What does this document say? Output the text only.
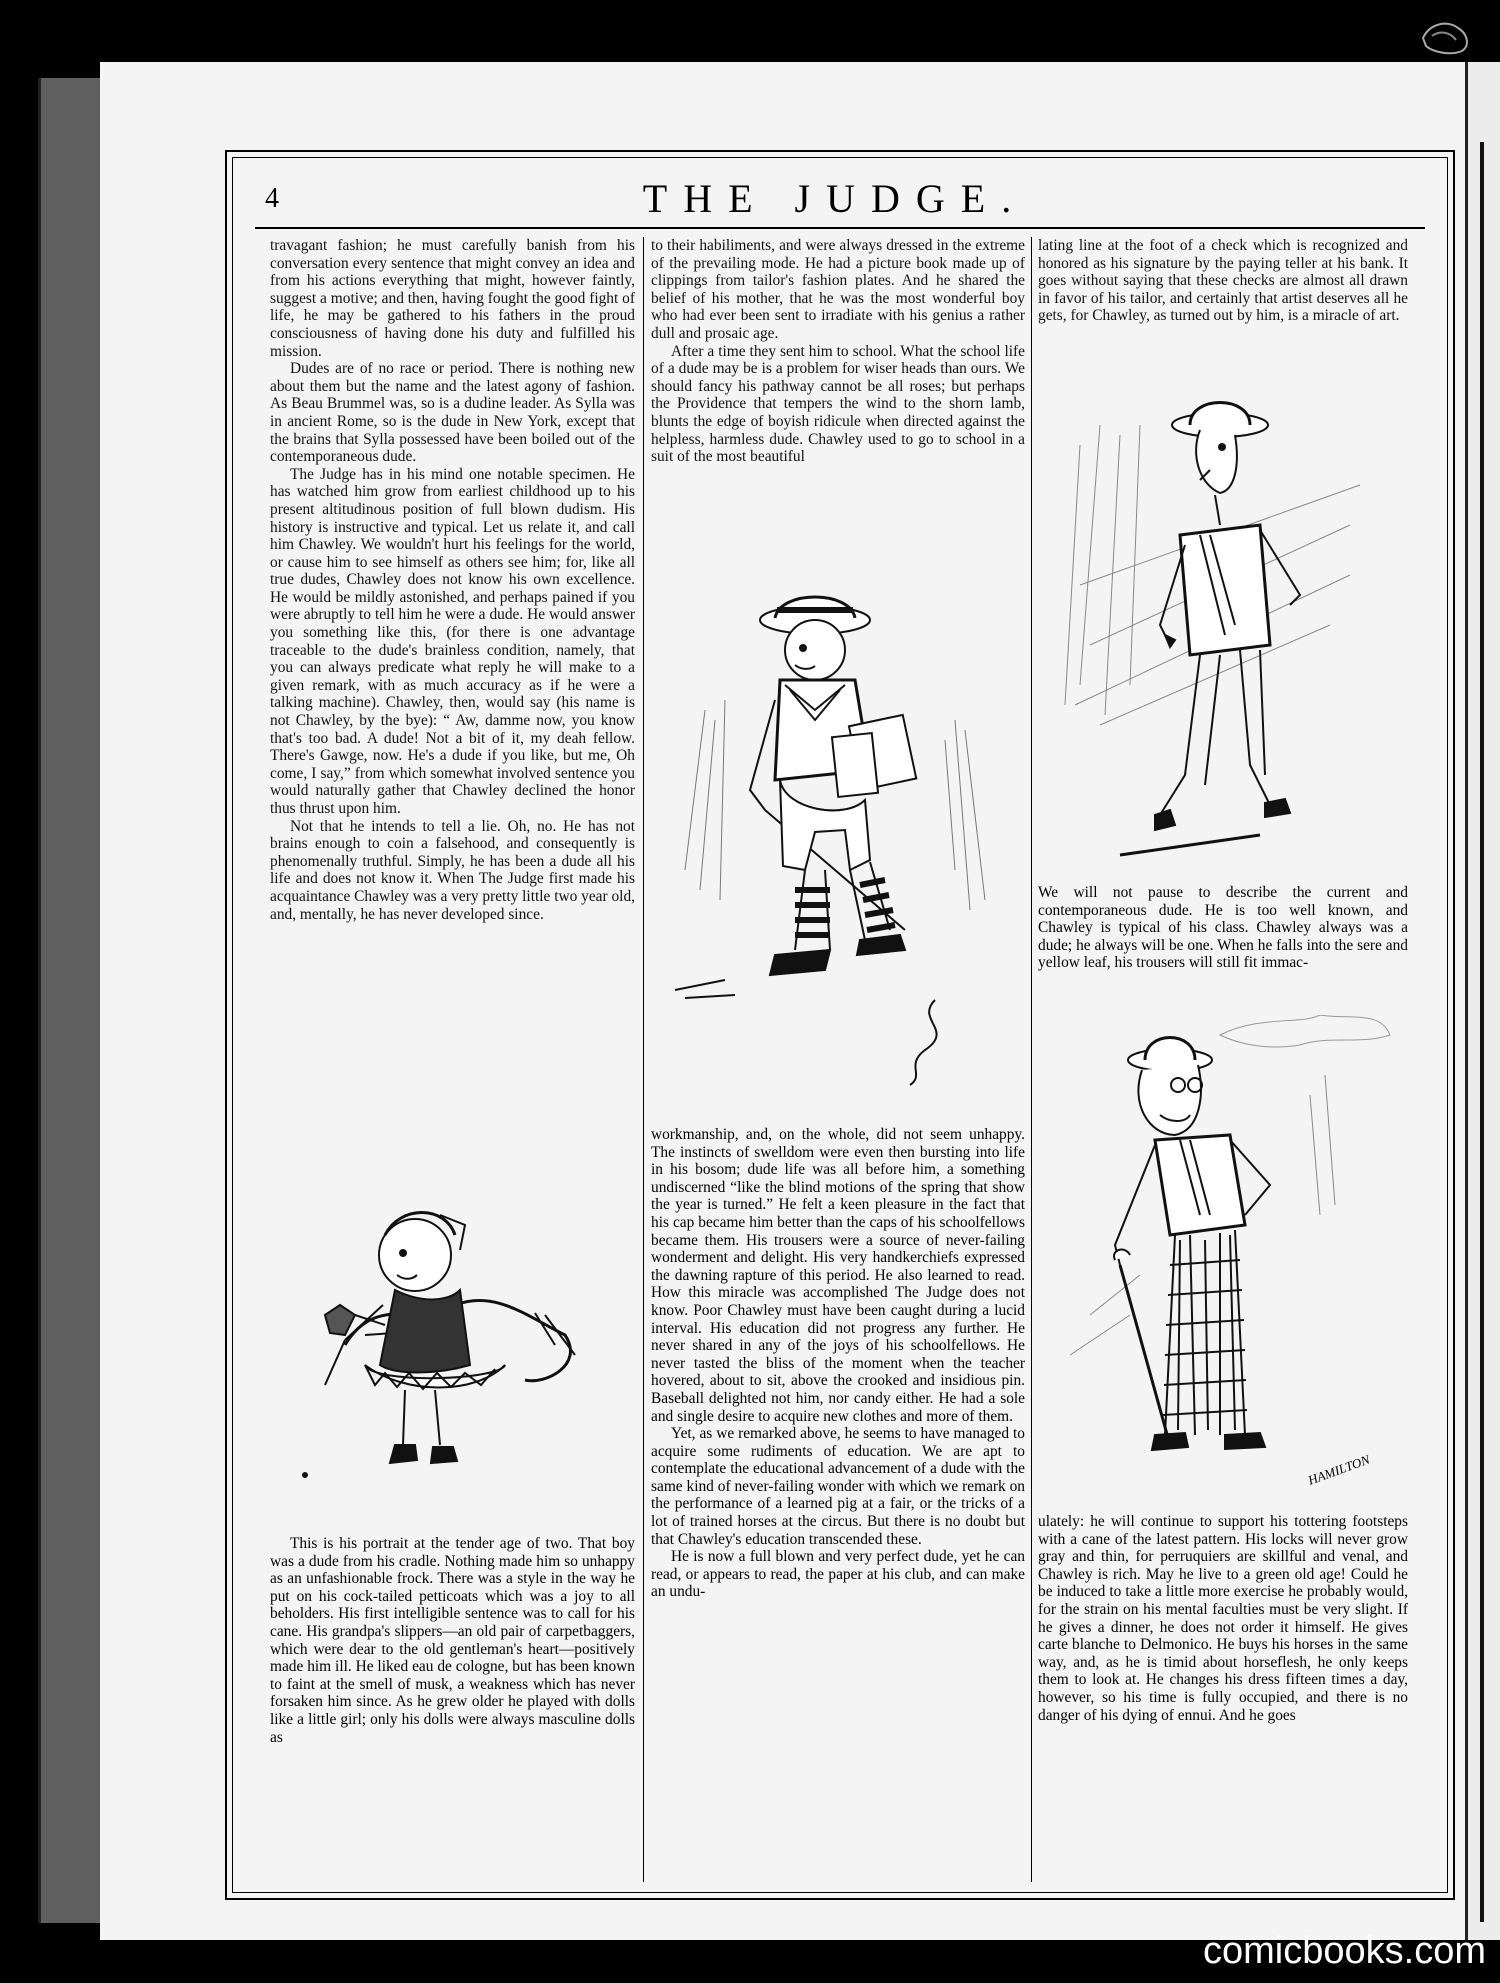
4	THE JUDGE.

travagant fashion; he must carefully banish from his conversation every sentence that might convey an idea and from his actions everything that might, however faintly, suggest a motive; and then, having fought the good fight of life, he may be gathered to his fathers in the proud consciousness of having done his duty and fulfilled his mission.

Dudes are of no race or period. There is nothing new about them but the name and the latest agony of fashion. As Beau Brummel was, so is a dudine leader. As Sylla was in ancient Rome, so is the dude in New York, except that the brains that Sylla possessed have been boiled out of the contemporaneous dude.

The Judge has in his mind one notable specimen. He has watched him grow from earliest childhood up to his present altitudinous position of full blown dudism. His history is instructive and typical. Let us relate it, and call him Chawley. We wouldn't hurt his feelings for the world, or cause him to see himself as others see him; for, like all true dudes, Chawley does not know his own excellence. He would be mildly astonished, and perhaps pained if you were abruptly to tell him he were a dude. He would answer you something like this, (for there is one advantage traceable to the dude's brainless condition, namely, that you can always predicate what reply he will make to a given remark, with as much accuracy as if he were a talking machine). Chawley, then, would say (his name is not Chawley, by the bye): “ Aw, damme now, you know that's too bad. A dude! Not a bit of it, my deah fellow. There's Gawge, now. He's a dude if you like, but me, Oh come, I say,” from which somewhat involved sentence you would naturally gather that Chawley declined the honor thus thrust upon him.

Not that he intends to tell a lie. Oh, no. He has not brains enough to coin a falsehood, and consequently is phenomenally truthful. Simply, he has been a dude all his life and does not know it. When The Judge first made his acquaintance Chawley was a very pretty little two year old, and, mentally, he has never developed since.

This is his portrait at the tender age of two. That boy was a dude from his cradle. Nothing made him so unhappy as an unfashionable frock. There was a style in the way he put on his cock-tailed petticoats which was a joy to all beholders. His first intelligible sentence was to call for his cane. His grandpa's slippers—an old pair of carpetbaggers, which were dear to the old gentleman's heart—positively made him ill. He liked eau de cologne, but has been known to faint at the smell of musk, a weakness which has never forsaken him since. As he grew older he played with dolls like a little girl; only his dolls were always masculine dolls as

to their habiliments, and were always dressed in the extreme of the prevailing mode. He had a picture book made up of clippings from tailor's fashion plates. And he shared the belief of his mother, that he was the most wonderful boy who had ever been sent to irradiate with his genius a rather dull and prosaic age.

After a time they sent him to school. What the school life of a dude may be is a problem for wiser heads than ours. We should fancy his pathway cannot be all roses; but perhaps the Providence that tempers the wind to the shorn lamb, blunts the edge of boyish ridicule when directed against the helpless, harmless dude. Chawley used to go to school in a suit of the most beautiful

workmanship, and, on the whole, did not seem unhappy. The instincts of swelldom were even then bursting into life in his bosom; dude life was all before him, a something undiscerned “like the blind motions of the spring that show the year is turned.” He felt a keen pleasure in the fact that his cap became him better than the caps of his schoolfellows became them. His trousers were a source of never-failing wonderment and delight. His very handkerchiefs expressed the dawning rapture of this period. He also learned to read. How this miracle was accomplished The Judge does not know. Poor Chawley must have been caught during a lucid interval. His education did not progress any further. He never shared in any of the joys of his schoolfellows. He never tasted the bliss of the moment when the teacher hovered, about to sit, above the crooked and insidious pin. Baseball delighted not him, nor candy either. He had a sole and single desire to acquire new clothes and more of them.

Yet, as we remarked above, he seems to have managed to acquire some rudiments of education. We are apt to contemplate the educational advancement of a dude with the same kind of never-failing wonder with which we remark on the performance of a learned pig at a fair, or the tricks of a lot of trained horses at the circus. But there is no doubt but that Chawley's education transcended these.

He is now a full blown and very perfect dude, yet he can read, or appears to read, the paper at his club, and can make an undu-

lating line at the foot of a check which is recognized and honored as his signature by the paying teller at his bank. It goes without saying that these checks are almost all drawn in favor of his tailor, and certainly that artist deserves all he gets, for Chawley, as turned out by him, is a miracle of art.

We will not pause to describe the current and contemporaneous dude. He is too well known, and Chawley is typical of his class. Chawley always was a dude; he always will be one. When he falls into the sere and yellow leaf, his trousers will still fit immac-

HAMILTON

ulately: he will continue to support his tottering footsteps with a cane of the latest pattern. His locks will never grow gray and thin, for perruquiers are skillful and venal, and Chawley is rich. May he live to a green old age! Could he be induced to take a little more exercise he probably would, for the strain on his mental faculties must be very slight. If he gives a dinner, he does not order it himself. He gives carte blanche to Delmonico. He buys his horses in the same way, and, as he is timid about horseflesh, he only keeps them to look at. He changes his dress fifteen times a day, however, so his time is fully occupied, and there is no danger of his dying of ennui. And he goes

comicbooks.com
